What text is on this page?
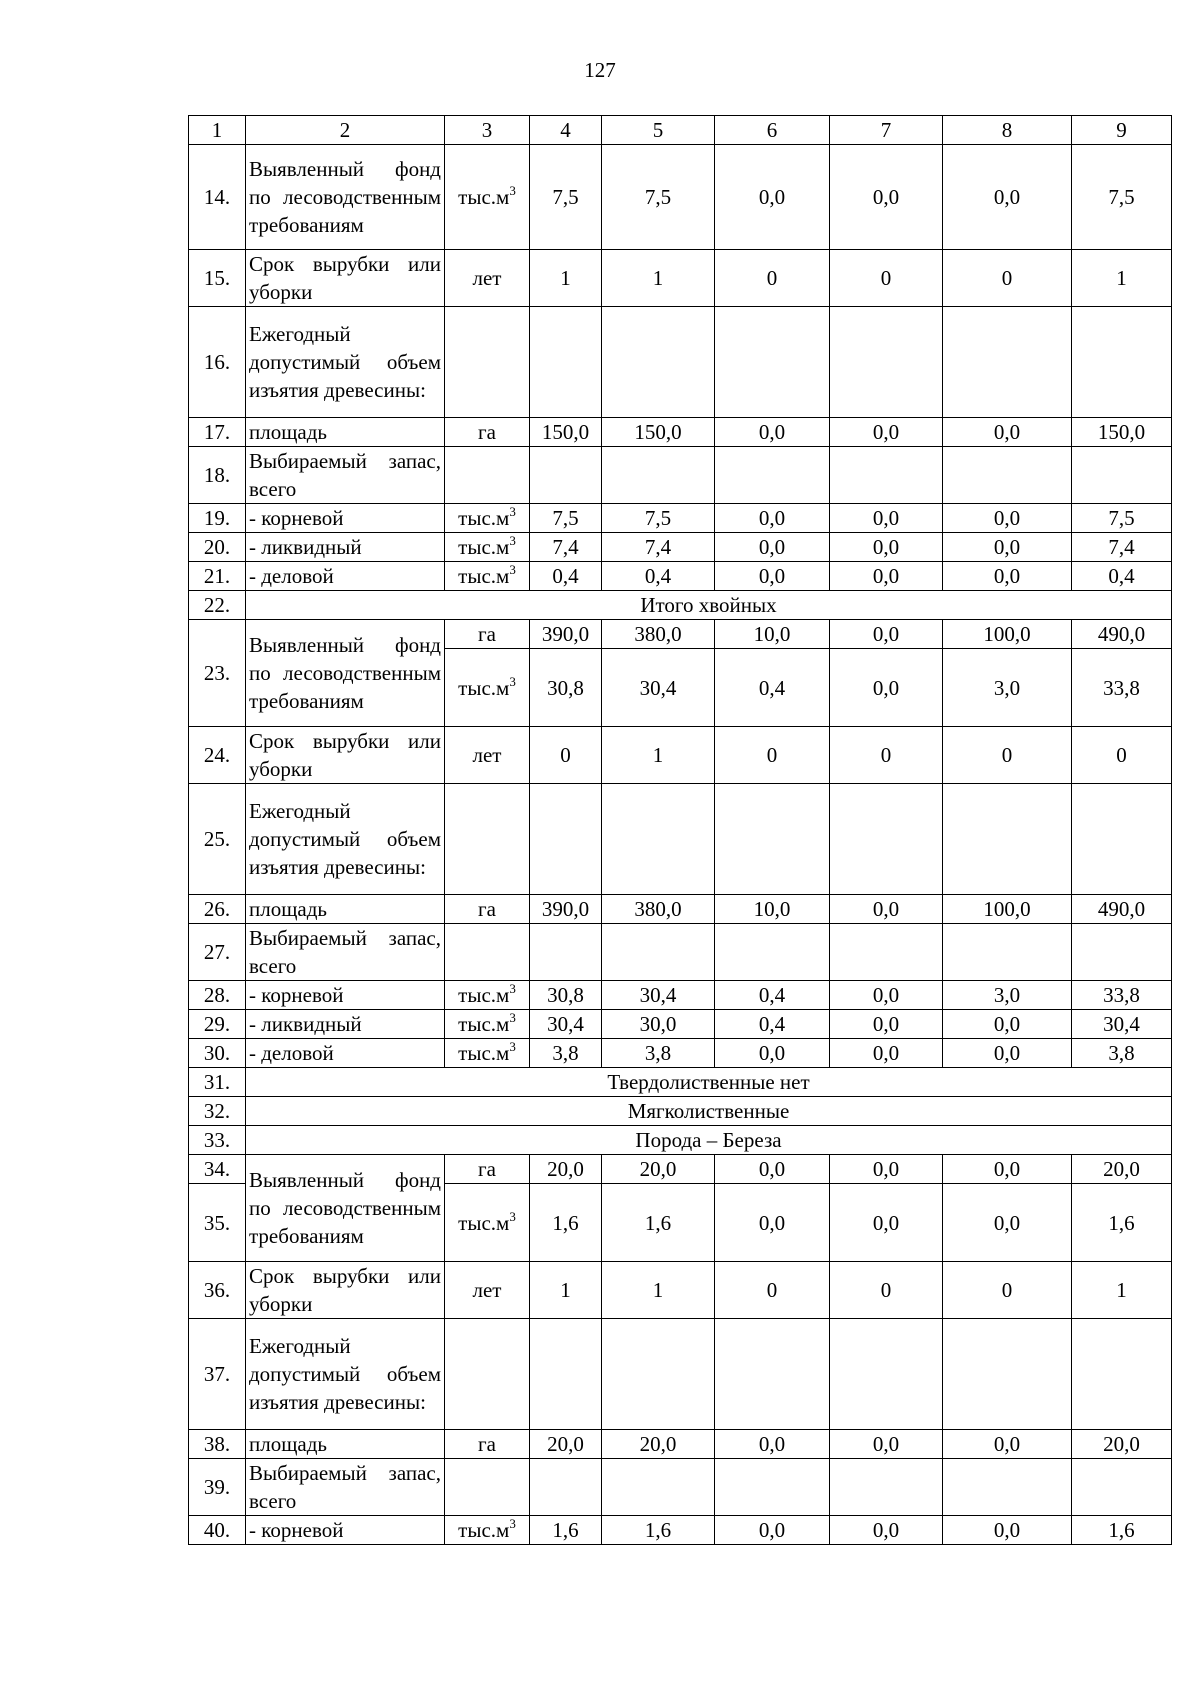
127
1	2	3	4	5	6	7	8	9
14.	Выявленный фонд по лесоводственным требованиям	$тыс.м^3$	7,5	7,5	0,0	0,0	0,0	7,5
15.	Срок вырубки или уборки	лет	1	1	0	0	0	1
16.	Ежегодный допустимый объем изъятия древесины:							
17.	площадь	га	150,0	150,0	0,0	0,0	0,0	150,0
18.	Выбираемый запас, всего							
19.	- корневой	$тыс.м^3$	7,5	7,5	0,0	0,0	0,0	7,5
20.	- ликвидный	$тыс.м^3$	7,4	7,4	0,0	0,0	0,0	7,4
21.	- деловой	$тыс.м^3$	0,4	0,4	0,0	0,0	0,0	0,4
22.	Итого хвойных							
23.	Выявленный фонд по лесоводственным требованиям	га	390,0	380,0	10,0	0,0	100,0	490,0
		$тыс.м^3$	30,8	30,4	0,4	0,0	3,0	33,8
24.	Срок вырубки или уборки	лет	0	1	0	0	0	0
25.	Ежегодный допустимый объем изъятия древесины:							
26.	площадь	га	390,0	380,0	10,0	0,0	100,0	490,0
27.	Выбираемый запас, всего							
28.	- корневой	$тыс.м^3$	30,8	30,4	0,4	0,0	3,0	33,8
29.	- ликвидный	$тыс.м^3$	30,4	30,0	0,4	0,0	0,0	30,4
30.	- деловой	$тыс.м^3$	3,8	3,8	0,0	0,0	0,0	3,8
31.	Твердолиственные нет							
32.	Мягколиственные							
33.	Порода – Береза							
34.	Выявленный фонд по лесоводственным требованиям	га	20,0	20,0	0,0	0,0	0,0	20,0
35.		$тыс.м^3$	1,6	1,6	0,0	0,0	0,0	1,6
36.	Срок вырубки или уборки	лет	1	1	0	0	0	1
37.	Ежегодный допустимый объем изъятия древесины:							
38.	площадь	га	20,0	20,0	0,0	0,0	0,0	20,0
39.	Выбираемый запас, всего							
40.	- корневой	$тыс.м^3$	1,6	1,6	0,0	0,0	0,0	1,6
